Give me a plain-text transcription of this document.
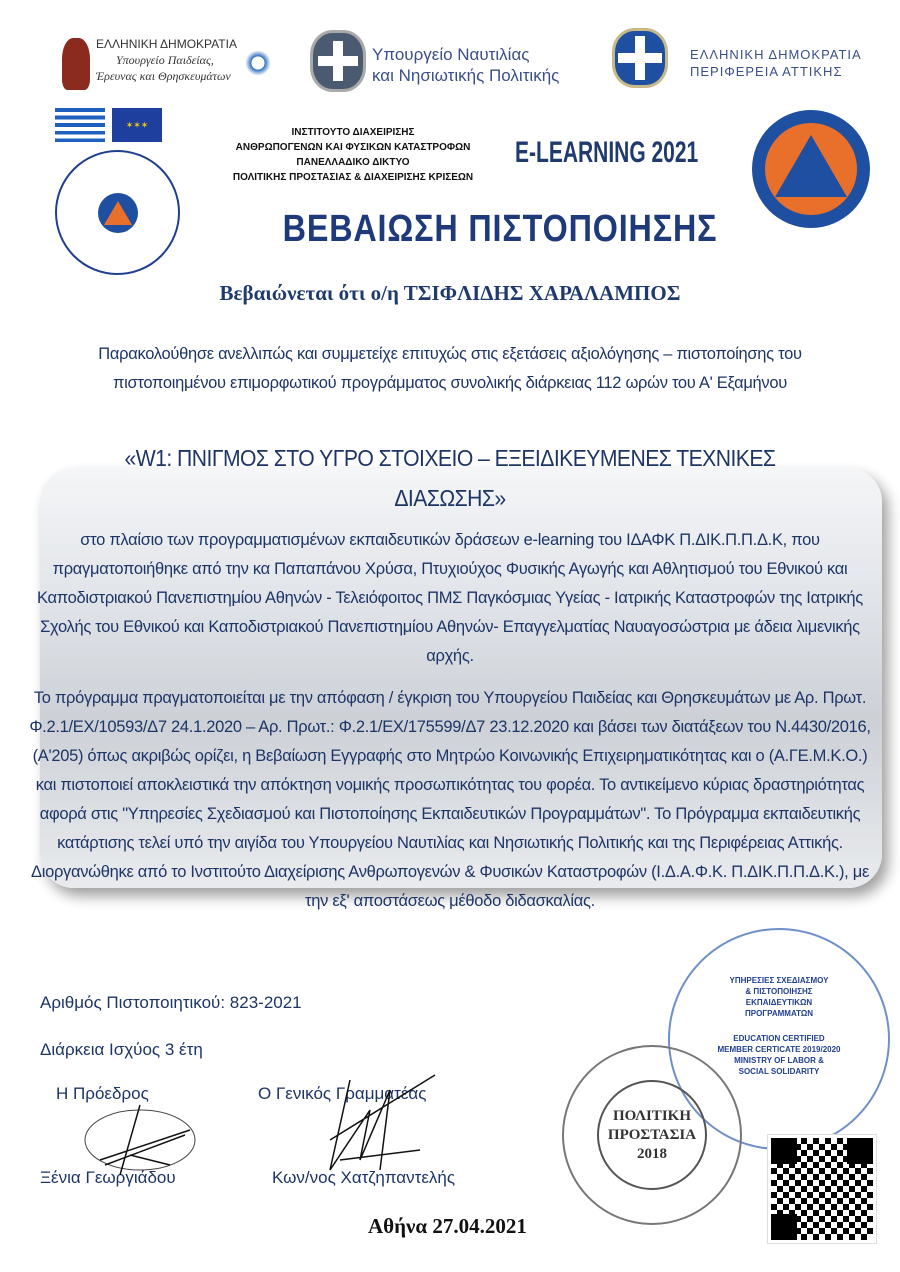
ΕΛΛΗΝΙΚΗ ΔΗΜΟΚΡΑΤΙΑ
Υπουργείο Παιδείας,
Έρευνας και Θρησκευμάτων
Υπουργείο Ναυτιλίας
και Νησιωτικής Πολιτικής
ΕΛΛΗΝΙΚΗ ΔΗΜΟΚΡΑΤΙΑ
ΠΕΡΙΦΕΡΕΙΑ ΑΤΤΙΚΗΣ
✶✶✶
ΙΝΣΤΙΤΟΥΤΟ ΔΙΑΧΕΙΡΙΣΗΣ
ΑΝΘΡΩΠΟΓΕΝΩΝ ΚΑΙ ΦΥΣΙΚΩΝ ΚΑΤΑΣΤΡΟΦΩΝ
ΠΑΝΕΛΛΑΔΙΚΟ ΔΙΚΤΥΟ
ΠΟΛΙΤΙΚΗΣ ΠΡΟΣΤΑΣΙΑΣ & ΔΙΑΧΕΙΡΙΣΗΣ ΚΡΙΣΕΩΝ
E-LEARNING 2021
ΒΕΒΑΙΩΣΗ ΠΙΣΤΟΠΟΙΗΣΗΣ
Βεβαιώνεται ότι ο/η ΤΣΙΦΛΙΔΗΣ ΧΑΡΑΛΑΜΠΟΣ
Παρακολούθησε ανελλιπώς και συμμετείχε επιτυχώς στις εξετάσεις αξιολόγησης – πιστοποίησης του πιστοποιημένου επιμορφωτικού προγράμματος συνολικής διάρκειας 112 ωρών του Α' Εξαμήνου
«W1: ΠΝΙΓΜΟΣ ΣΤΟ ΥΓΡΟ ΣΤΟΙΧΕΙΟ – ΕΞΕΙΔΙΚΕΥΜΕΝΕΣ ΤΕΧΝΙΚΕΣ ΔΙΑΣΩΣΗΣ»
στο πλαίσιο των προγραμματισμένων εκπαιδευτικών δράσεων e-learning του ΙΔΑΦΚ Π.ΔΙΚ.Π.Π.Δ.Κ, που πραγματοποιήθηκε από την κα Παπαπάνου Χρύσα, Πτυχιούχος Φυσικής Αγωγής και Αθλητισμού του Εθνικού και Καποδιστριακού Πανεπιστημίου Αθηνών - Τελειόφοιτος ΠΜΣ Παγκόσμιας Υγείας - Ιατρικής Καταστροφών της Ιατρικής Σχολής του Εθνικού και Καποδιστριακού Πανεπιστημίου Αθηνών- Επαγγελματίας Ναυαγοσώστρια με άδεια λιμενικής αρχής.
Το πρόγραμμα πραγματοποιείται με την απόφαση / έγκριση του Υπουργείου Παιδείας και Θρησκευμάτων με Αρ. Πρωτ. Φ.2.1/ΕΧ/10593/Δ7 24.1.2020 – Αρ. Πρωτ.: Φ.2.1/ΕΧ/175599/Δ7 23.12.2020 και βάσει των διατάξεων του Ν.4430/2016, (Α'205) όπως ακριβώς ορίζει, η Βεβαίωση Εγγραφής στο Μητρώο Κοινωνικής Επιχειρηματικότητας και ο (Α.ΓΕ.Μ.Κ.Ο.) και πιστοποιεί αποκλειστικά την απόκτηση νομικής προσωπικότητας του φορέα. Το αντικείμενο κύριας δραστηριότητας αφορά στις "Υπηρεσίες Σχεδιασμού και Πιστοποίησης Εκπαιδευτικών Προγραμμάτων". Το Πρόγραμμα εκπαιδευτικής κατάρτισης τελεί υπό την αιγίδα του Υπουργείου Ναυτιλίας και Νησιωτικής Πολιτικής και της Περιφέρειας Αττικής. Διοργανώθηκε από το Ινστιτούτο Διαχείρισης Ανθρωπογενών & Φυσικών Καταστροφών (Ι.Δ.Α.Φ.Κ. Π.ΔΙΚ.Π.Π.Δ.Κ.), με την εξ' αποστάσεως μέθοδο διδασκαλίας.
Αριθμός Πιστοποιητικού: 823-2021
Διάρκεια Ισχύος 3 έτη
Η Πρόεδρος
Ξένια Γεωργιάδου
Ο Γενικός Γραμματέας
Κων/νος Χατζηπαντελής
Αθήνα 27.04.2021
ΥΠΗΡΕΣΙΕΣ ΣΧΕΔΙΑΣΜΟΥ
& ΠΙΣΤΟΠΟΙΗΣΗΣ
ΕΚΠΑΙΔΕΥΤΙΚΩΝ
ΠΡΟΓΡΑΜΜΑΤΩΝ
EDUCATION CERTIFIED
MEMBER CERTICATE 2019/2020
MINISTRY OF LABOR &
SOCIAL SOLIDARITY
ΠΟΛΙΤΙΚΗ
ΠΡΟΣΤΑΣΙΑ
2018
